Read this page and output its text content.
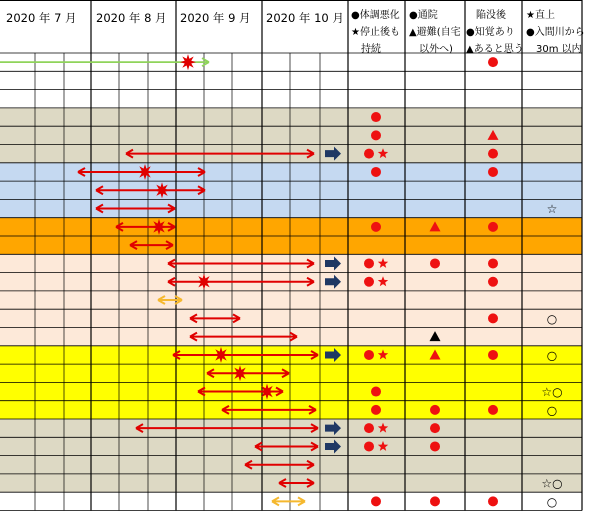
☆
○
○
☆○
○
☆○
○
2020 年 7 月 2020 年 8 月 2020 年 9 月 2020 年 10 月 ●体調悪化
★停止後も
　持続
●通院
▲避難(自宅
　以外へ)
　陥没後
●知覚あり
▲あると思う
★直上
●入間川から
　30m 以内
